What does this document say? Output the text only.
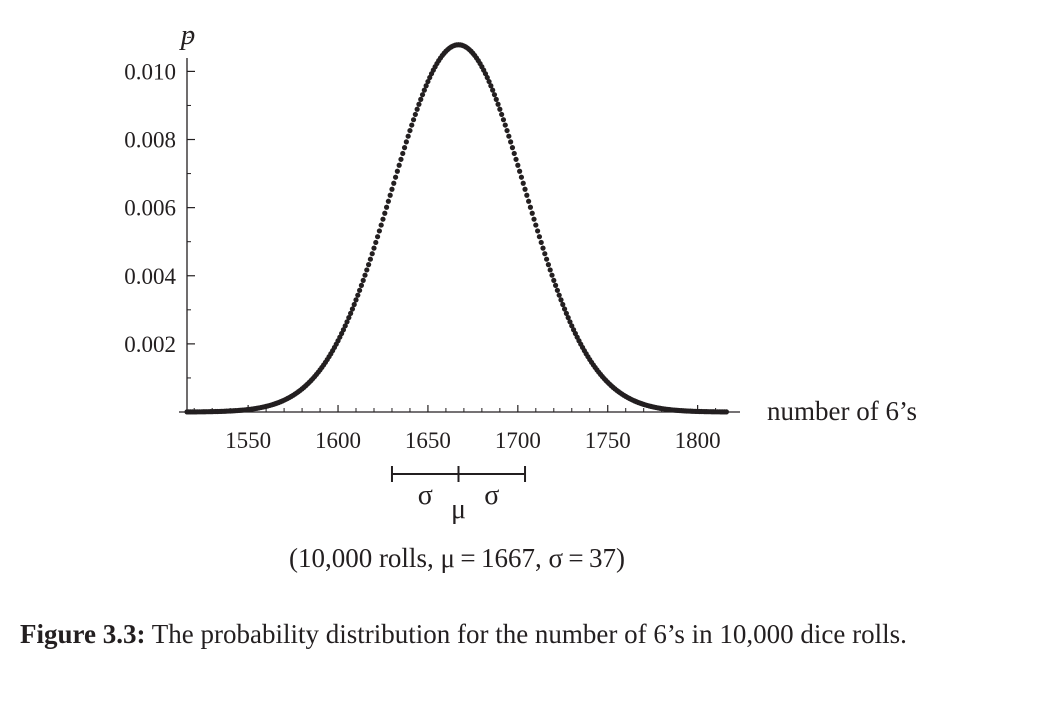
0.002
0.004
0.006
0.008
0.010
p
1550 1600 1650 1700 1750 1800
number of 6’s
σ μ σ
(10,000 rolls, μ = 1667, σ = 37)

Figure 3.3: The probability distribution for the number of 6’s in 10,000 dice rolls.
